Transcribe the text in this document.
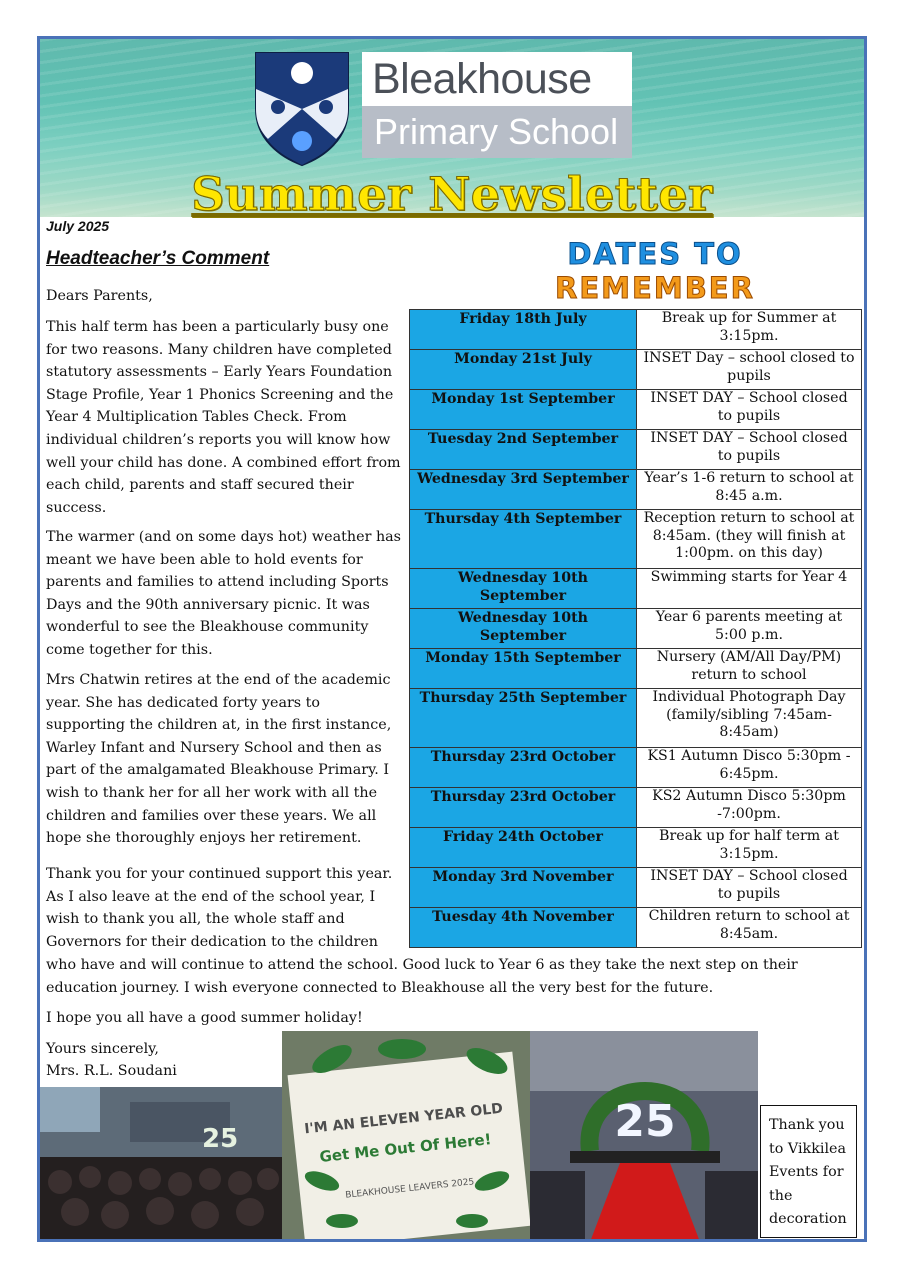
Bleakhouse
Primary School
Summer Newsletter
July 2025
Headteacher’s Comment
Dears Parents,
This half term has been a particularly busy one for two reasons. Many children have completed statutory assessments – Early Years Foundation Stage Profile, Year 1 Phonics Screening and the Year 4 Multiplication Tables Check. From individual children’s reports you will know how well your child has done. A combined effort from each child, parents and staff secured their success.
The warmer (and on some days hot) weather has meant we have been able to hold events for parents and families to attend including Sports Days and the 90th anniversary picnic. It was wonderful to see the Bleakhouse community come together for this.
Mrs Chatwin retires at the end of the academic year. She has dedicated forty years to supporting the children at, in the first instance, Warley Infant and Nursery School and then as part of the amalgamated Bleakhouse Primary. I wish to thank her for all her work with all the children and families over these years. We all hope she thoroughly enjoys her retirement.
Thank you for your continued support this year. As I also leave at the end of the school year, I wish to thank you all, the whole staff and Governors for their dedication to the children
who have and will continue to attend the school. Good luck to Year 6 as they take the next step on their education journey. I wish everyone connected to Bleakhouse all the very best for the future.
I hope you all have a good summer holiday!
Yours sincerely,
Mrs. R.L. Soudani
DATES TO
REMEMBER
Friday 18th July	Break up for Summer at 3:15pm.
Monday 21st July	INSET Day – school closed to pupils
Monday 1st September	INSET DAY – School closed to pupils
Tuesday 2nd September	INSET DAY – School closed to pupils
Wednesday 3rd September	Year’s 1-6 return to school at 8:45 a.m.
Thursday 4th September	Reception return to school at 8:45am. (they will finish at 1:00pm. on this day)
Wednesday 10th September	Swimming starts for Year 4
Wednesday 10th September	Year 6 parents meeting at 5:00 p.m.
Monday 15th September	Nursery (AM/All Day/PM) return to school
Thursday 25th September	Individual Photograph Day (family/sibling 7:45am-8:45am)
Thursday 23rd October	KS1 Autumn Disco 5:30pm - 6:45pm.
Thursday 23rd October	KS2 Autumn Disco 5:30pm -7:00pm.
Friday 24th October	Break up for half term at 3:15pm.
Monday 3rd November	INSET DAY – School closed to pupils
Tuesday 4th November	Children return to school at 8:45am.
25
I'M AN ELEVEN YEAR OLD
Get Me Out Of Here!
BLEAKHOUSE LEAVERS 2025
25	Thank you to Vikkilea Events for the decoration
